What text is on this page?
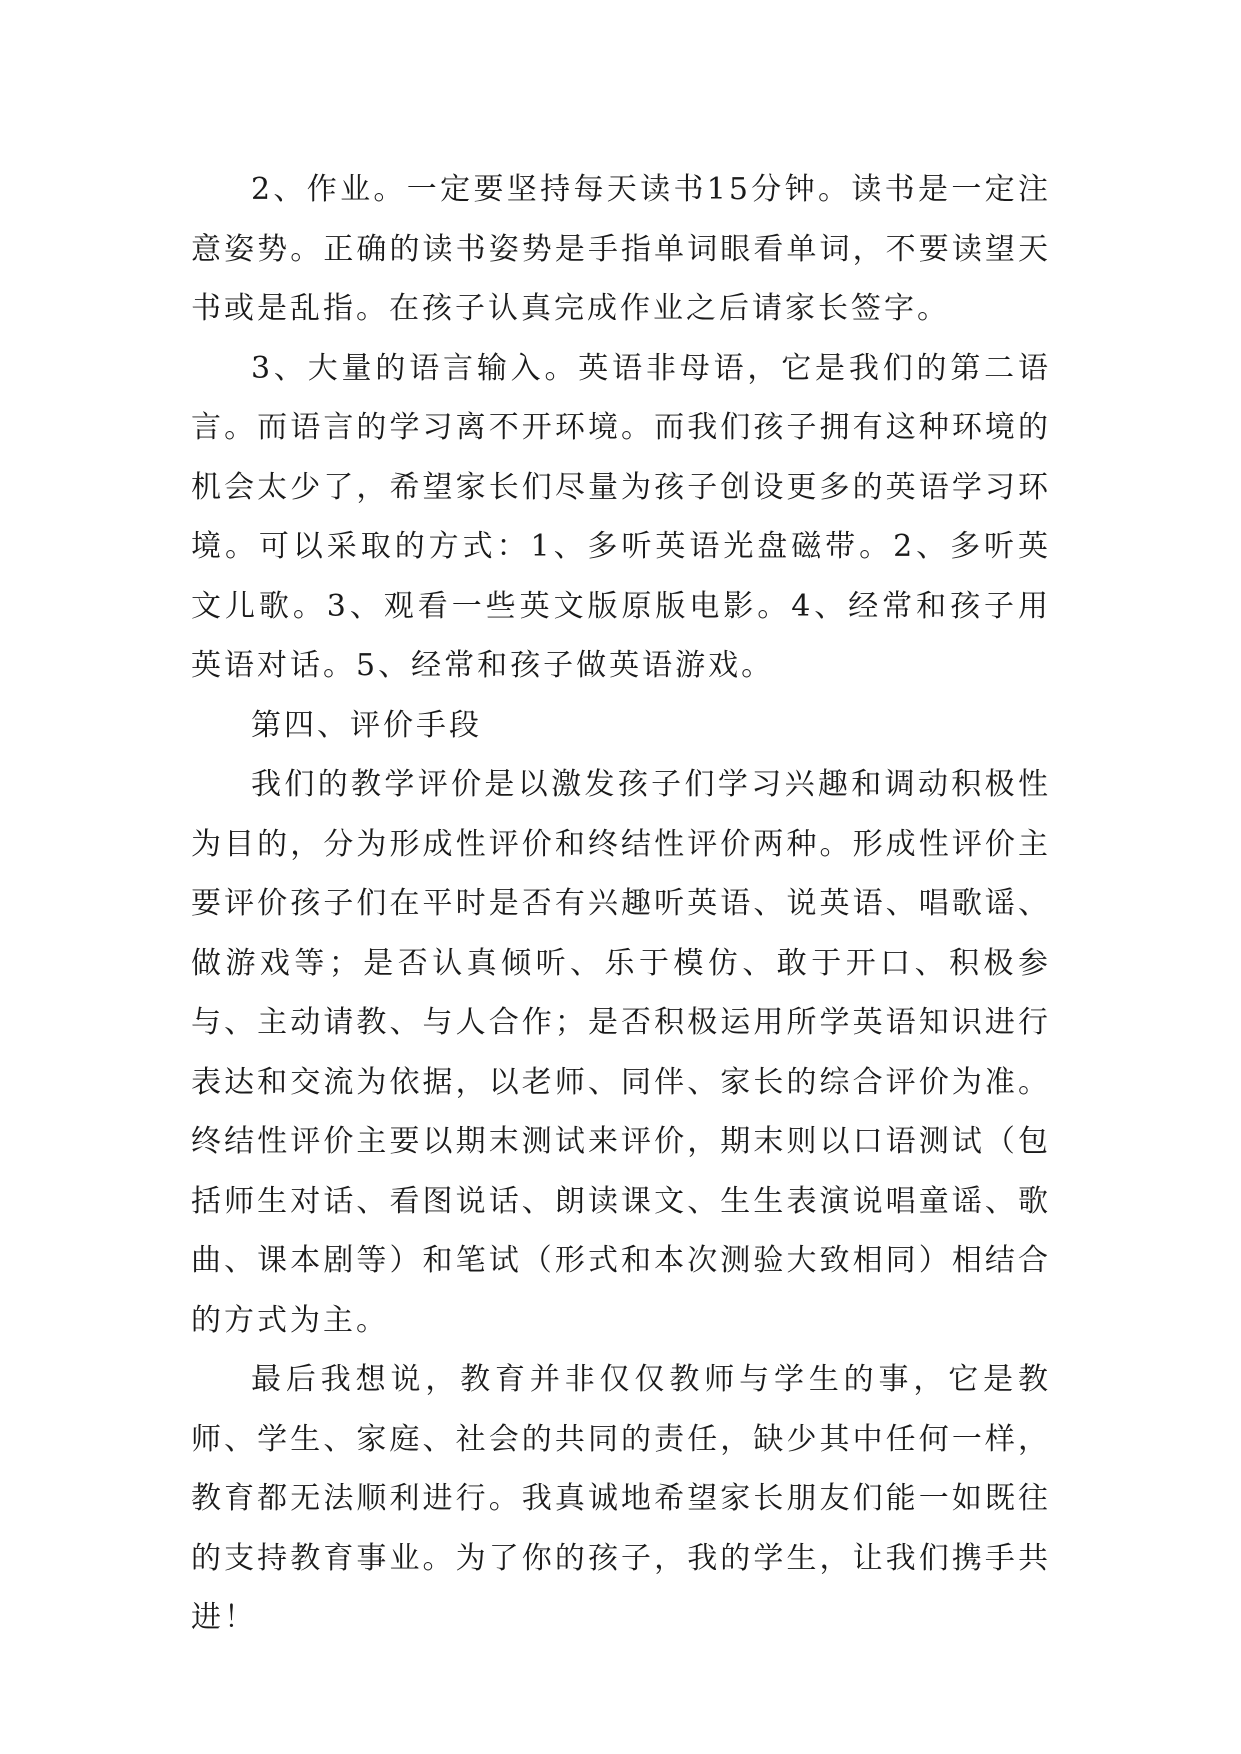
2、作业。一定要坚持每天读书15分钟。读书是一定注意姿势。正确的读书姿势是手指单词眼看单词，不要读望天书或是乱指。在孩子认真完成作业之后请家长签字。

3、大量的语言输入。英语非母语，它是我们的第二语言。而语言的学习离不开环境。而我们孩子拥有这种环境的机会太少了，希望家长们尽量为孩子创设更多的英语学习环境。可以采取的方式：1、多听英语光盘磁带。2、多听英文儿歌。3、观看一些英文版原版电影。4、经常和孩子用英语对话。5、经常和孩子做英语游戏。

第四、评价手段

我们的教学评价是以激发孩子们学习兴趣和调动积极性为目的，分为形成性评价和终结性评价两种。形成性评价主要评价孩子们在平时是否有兴趣听英语、说英语、唱歌谣、做游戏等；是否认真倾听、乐于模仿、敢于开口、积极参与、主动请教、与人合作；是否积极运用所学英语知识进行表达和交流为依据，以老师、同伴、家长的综合评价为准。终结性评价主要以期末测试来评价，期末则以口语测试（包括师生对话、看图说话、朗读课文、生生表演说唱童谣、歌曲、课本剧等）和笔试（形式和本次测验大致相同）相结合的方式为主。

最后我想说，教育并非仅仅教师与学生的事，它是教师、学生、家庭、社会的共同的责任，缺少其中任何一样，教育都无法顺利进行。我真诚地希望家长朋友们能一如既往的支持教育事业。为了你的孩子，我的学生，让我们携手共进！
